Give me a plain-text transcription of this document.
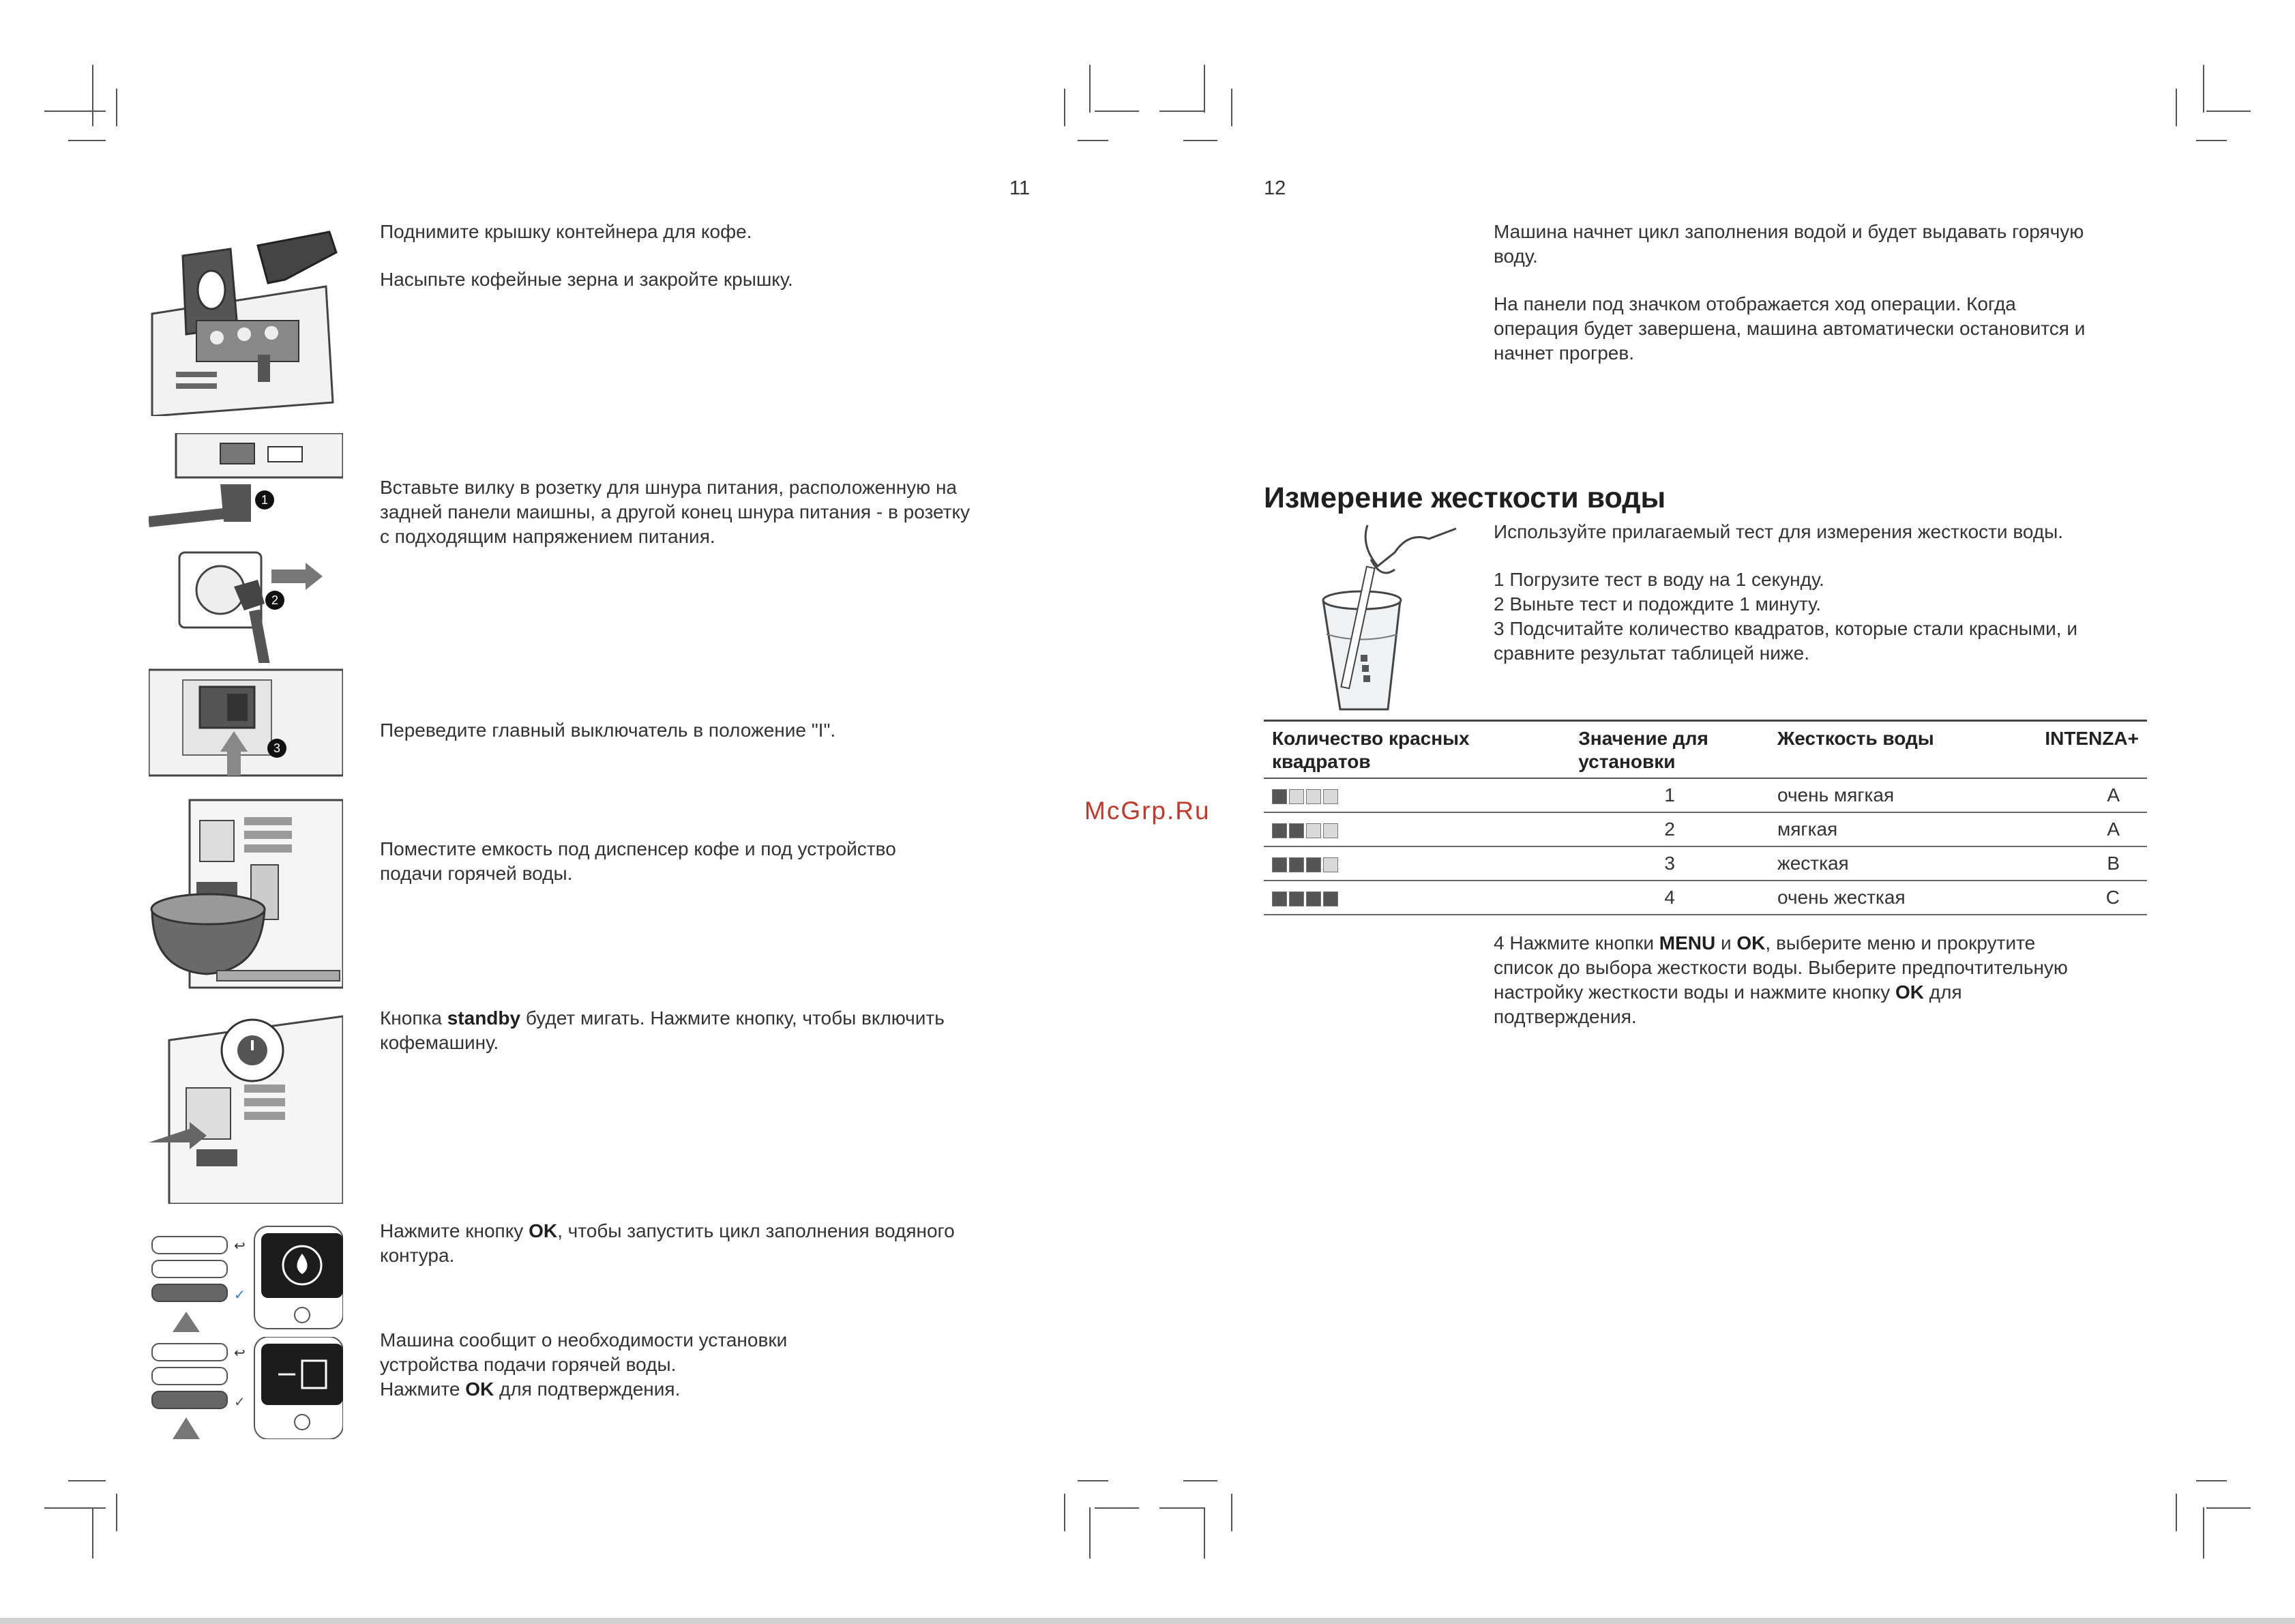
11

Поднимите крышку контейнера для кофе.

Насыпьте кофейные зерна и закройте крышку.

1
2

Вставьте вилку в розетку для шнура питания, расположенную на

задней панели маишны, а другой конец шнура питания - в розетку

с подходящим напряжением питания.

3

Переведите главный выключатель в положение "I".

Поместите емкость под диспенсер кофе и под устройство

подачи горячей воды.

Кнопка standby будет мигать. Нажмите кнопку, чтобы включить

кофемашину.

↩
✓

Нажмите кнопку OK, чтобы запустить цикл заполнения водяного

контура.

↩
✓

Машина сообщит о необходимости установки

устройства подачи горячей воды.

Нажмите OK для подтверждения.

McGrp.Ru
12

Машина начнет цикл заполнения водой и будет выдавать горячую

воду.

На панели под значком отображается ход операции. Когда

операция будет завершена, машина автоматически остановится и

начнет прогрев.

Измерение жесткости воды

Используйте прилагаемый тест для измерения жесткости воды.

1 Погрузите тест в воду на 1 секунду.

2 Выньте тест и подождите 1 минуту.

3 Подсчитайте количество квадратов, которые стали красными, и

сравните результат таблицей ниже.

Количество красных
квадратов	Значение для
установки	Жесткость воды	INTENZA+
	1	очень мягкая	A
	2	мягкая	A
	3	жесткая	B
	4	очень жесткая	C

4 Нажмите кнопки MENU и OK, выберите меню и прокрутите

список до выбора жесткости воды. Выберите предпочтительную

настройку жесткости воды и нажмите кнопку OK для

подтверждения.
